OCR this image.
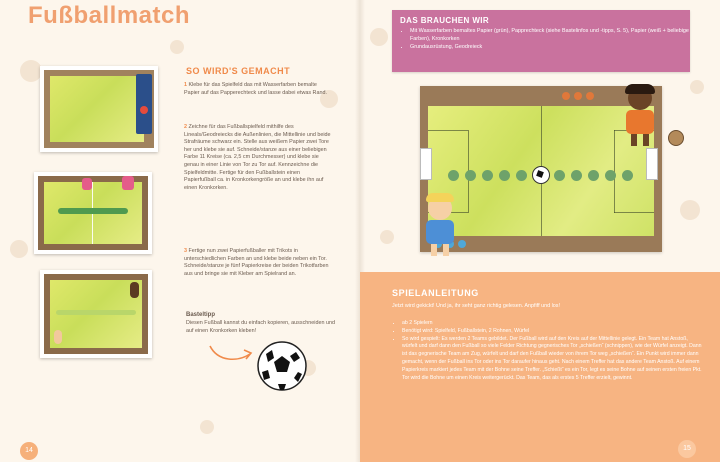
Fußballmatch
SO WIRD'S GEMACHT
1 Klebe für das Spielfeld das mit Wasserfarben bemalte Papier auf das Papperechteck und lasse dabei etwas Rand.
2 Zeichne für das Fußballspielfeld mithilfe des Lineals/Geodreiecks die Außenlinien, die Mittellinie und beide Strafräume schwarz ein. Stelle aus weißem Papier zwei Tore her und klebe sie auf. Schneide/stanze aus einer beliebigen Farbe 11 Kreise (ca. 2,5 cm Durchmesser) und klebe sie genau in einer Linie von Tor zu Tor auf. Kennzeichne die Spielfeldmitte. Fertige für den Fußballstein einen Papierfußball ca. in Kronkorkengröße an und klebe ihn auf einen Kronkorken.
3 Fertige nun zwei Papierfußballer mit Trikots in unterschiedlichen Farben an und klebe beide neben ein Tor. Schneide/stanze je fünf Papierkreise der beiden Trikotfarben aus und bringe sie mit Kleber am Spielrand an.
Basteltipp
Diesen Fußball kannst du einfach kopieren, ausschneiden und auf einen Kronkorken kleben!
14
DAS BRAUCHEN WIR
• Mit Wasserfarben bemaltes Papier (grün), Papprechteck (siehe Bastelinfos und -tipps, S. 5), Papier (weiß + beliebige Farben), Kronkorken
• Grundausrüstung, Geodreieck
SPIELANLEITUNG
Jetzt wird gekickt! Und ja, ihr seht ganz richtig gelesen. Anpfiff und los!
• ab 2 Spielern
• Benötigt wird: Spielfeld, Fußballstein, 2 Rohnen, Würfel
• So wird gespielt: Es werden 2 Teams gebildet. Der Fußball wird auf den Kreis auf der Mittellinie gelegt. Ein Team hat Anstoß, würfelt und darf dann den Fußball so viele Felder Richtung gegnerisches Tor „schießen“ (schnippen), wie der Würfel anzeigt. Dann ist das gegnerische Team am Zug, würfelt und darf den Fußball wieder von ihrem Tor weg „schießen“. Ein Punkt wird immer dann gemacht, wenn der Fußball ins Tor oder ins Tor daraufer hinaus geht. Nach einem Treffer hat das andere Team Anstoß. Auf einem Papierkreis markiert jedes Team mit der Bohne seine Treffer. „Schießt“ es ein Tor, legt es seine Bohne auf seinen ersten freien Pkt. Tor wird die Bohne um einen Kreis weitergerückt. Das Team, das als erstes 5 Treffer erzielt, gewinnt.
15
